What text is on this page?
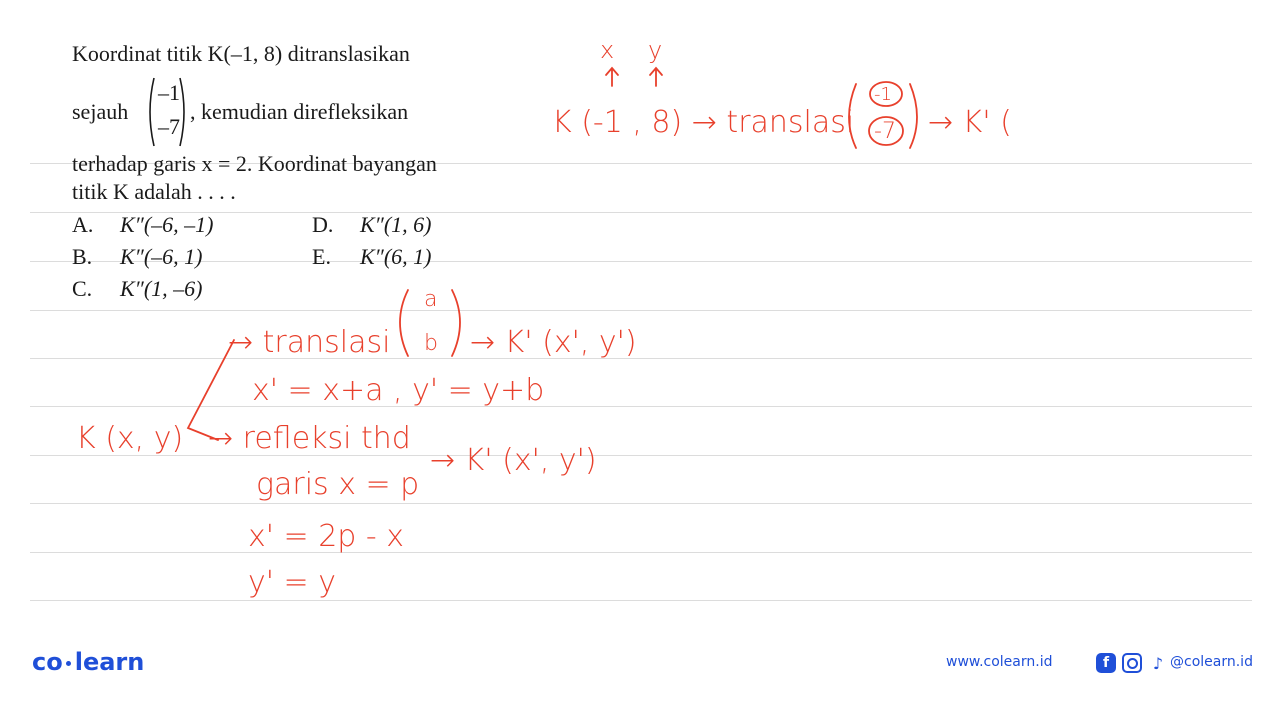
Koordinat titik K(–1, 8) ditranslasikan
sejauh
–1
–7
, kemudian direfleksikan
terhadap garis x = 2. Koordinat bayangan
titik K adalah . . . .
A. K″(–6, –1)
B. K″(–6, 1)
C. K″(1, –6)
D. K″(1, 6)
E. K″(6, 1)
x y
K (-1 , 8) → translasi
-1
-7 → K' (
→ translasi
a
b → K' (x', y')
x' = x+a , y' = y+b
K (x, y) → refleksi thd
garis x = p
→ K' (x', y')
x' = 2p - x
y' = y
co learn	www.colearn.id	f	♪ @colearn.id
